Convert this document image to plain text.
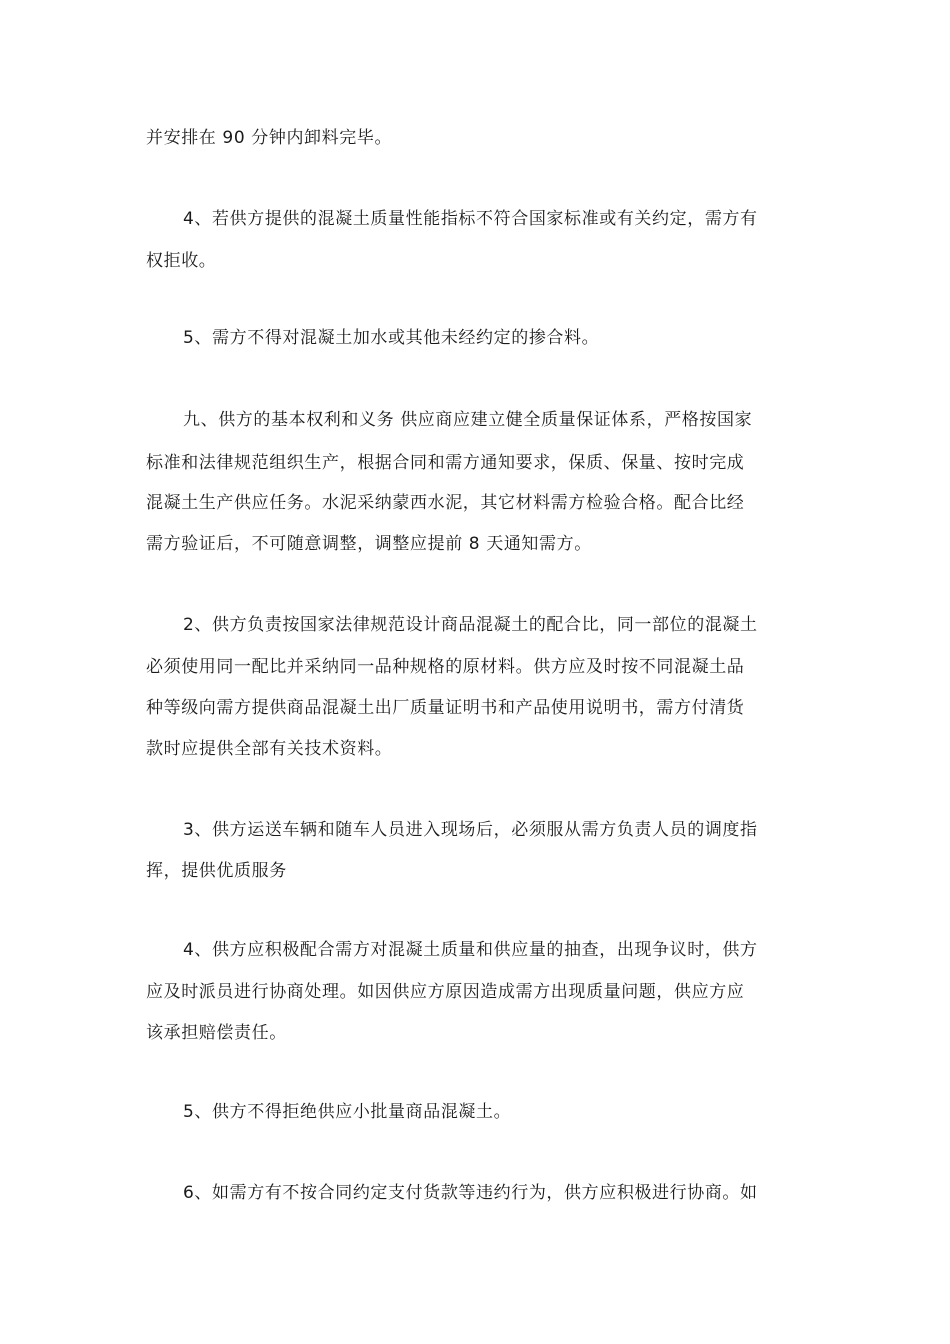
并安排在 90 分钟内卸料完毕。
4、若供方提供的混凝土质量性能指标不符合国家标准或有关约定，需方有
权拒收。
5、需方不得对混凝土加水或其他未经约定的掺合料。
九、供方的基本权利和义务 供应商应建立健全质量保证体系，严格按国家
标准和法律规范组织生产，根据合同和需方通知要求，保质、保量、按时完成
混凝土生产供应任务。水泥采纳蒙西水泥，其它材料需方检验合格。配合比经
需方验证后，不可随意调整，调整应提前 8 天通知需方。
2、供方负责按国家法律规范设计商品混凝土的配合比，同一部位的混凝土
必须使用同一配比并采纳同一品种规格的原材料。供方应及时按不同混凝土品
种等级向需方提供商品混凝土出厂质量证明书和产品使用说明书，需方付清货
款时应提供全部有关技术资料。
3、供方运送车辆和随车人员进入现场后，必须服从需方负责人员的调度指
挥，提供优质服务
4、供方应积极配合需方对混凝土质量和供应量的抽查，出现争议时，供方
应及时派员进行协商处理。如因供应方原因造成需方出现质量问题，供应方应
该承担赔偿责任。
5、供方不得拒绝供应小批量商品混凝土。
6、如需方有不按合同约定支付货款等违约行为，供方应积极进行协商。如
